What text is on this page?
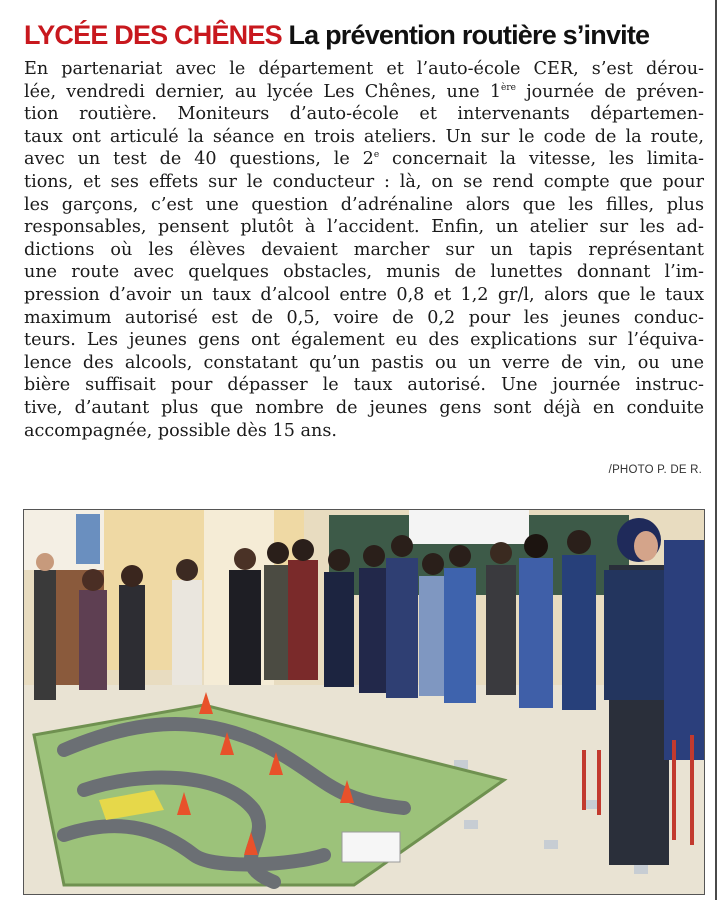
LYCÉE DES CHÊNES La prévention routière s’invite
En partenariat avec le département et l’auto-école CER, s’est dérou-
lée, vendredi dernier, au lycée Les Chênes, une 1ère journée de préven-
tion routière. Moniteurs d’auto-école et intervenants départemen-
taux ont articulé la séance en trois ateliers. Un sur le code de la route,
avec un test de 40 questions, le 2e concernait la vitesse, les limita-
tions, et ses effets sur le conducteur : là, on se rend compte que pour
les garçons, c’est une question d’adrénaline alors que les filles, plus
responsables, pensent plutôt à l’accident. Enfin, un atelier sur les ad-
dictions où les élèves devaient marcher sur un tapis représentant
une route avec quelques obstacles, munis de lunettes donnant l’im-
pression d’avoir un taux d’alcool entre 0,8 et 1,2 gr/l, alors que le taux
maximum autorisé est de 0,5, voire de 0,2 pour les jeunes conduc-
teurs. Les jeunes gens ont également eu des explications sur l’équiva-
lence des alcools, constatant qu’un pastis ou un verre de vin, ou une
bière suffisait pour dépasser le taux autorisé. Une journée instruc-
tive, d’autant plus que nombre de jeunes gens sont déjà en conduite
accompagnée, possible dès 15 ans.
/PHOTO P. DE R.
